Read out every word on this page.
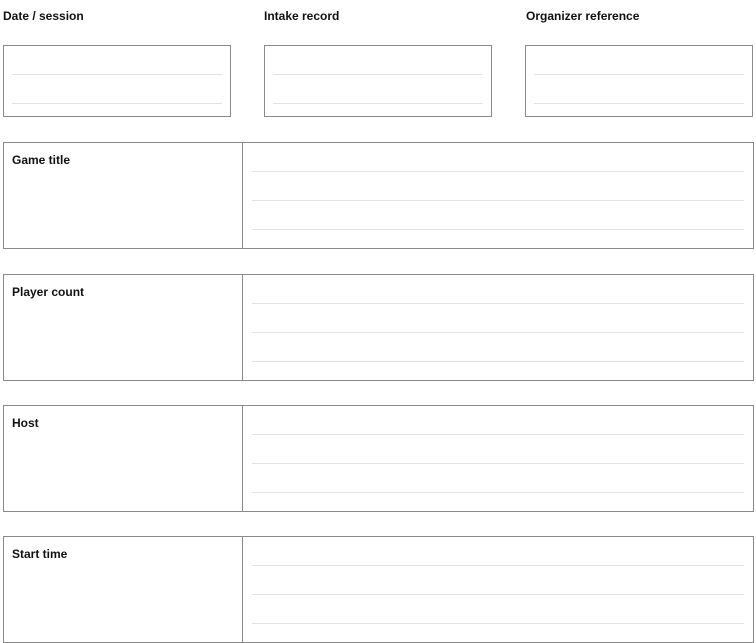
Date / session	Intake record	Organizer reference
Game title
Player count
Host
Start time
